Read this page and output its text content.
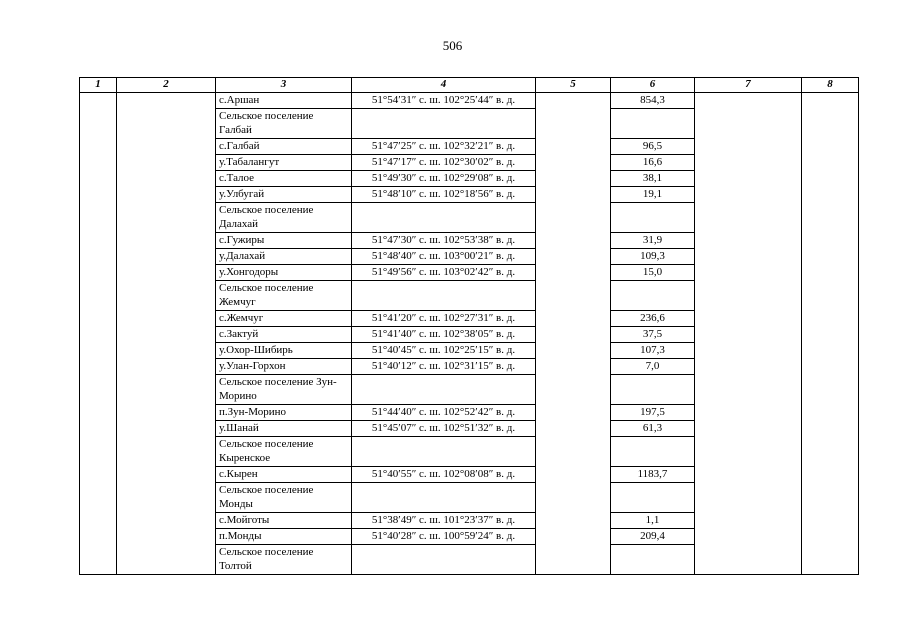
506
1	2	3	4	5	6	7	8
		с.Аршан	51°54′31″ с. ш. 102°25′44″ в. д.		854,3		
		Сельское поселение Галбай					
		с.Галбай	51°47′25″ с. ш. 102°32′21″ в. д.		96,5		
		у.Табалангут	51°47′17″ с. ш. 102°30′02″ в. д.		16,6		
		с.Талое	51°49′30″ с. ш. 102°29′08″ в. д.		38,1		
		у.Улбугай	51°48′10″ с. ш. 102°18′56″ в. д.		19,1		
		Сельское поселение Далахай					
		с.Гужиры	51°47′30″ с. ш. 102°53′38″ в. д.		31,9		
		у.Далахай	51°48′40″ с. ш. 103°00′21″ в. д.		109,3		
		у.Хонгодоры	51°49′56″ с. ш. 103°02′42″ в. д.		15,0		
		Сельское поселение Жемчуг					
		с.Жемчуг	51°41′20″ с. ш. 102°27′31″ в. д.		236,6		
		с.Зактуй	51°41′40″ с. ш. 102°38′05″ в. д.		37,5		
		у.Охор-Шибирь	51°40′45″ с. ш. 102°25′15″ в. д.		107,3		
		у.Улан-Горхон	51°40′12″ с. ш. 102°31′15″ в. д.		7,0		
		Сельское поселение Зун-Морино					
		п.Зун-Морино	51°44′40″ с. ш. 102°52′42″ в. д.		197,5		
		у.Шанай	51°45′07″ с. ш. 102°51′32″ в. д.		61,3		
		Сельское поселение Кыренское					
		с.Кырен	51°40′55″ с. ш. 102°08′08″ в. д.		1183,7		
		Сельское поселение Монды					
		с.Мойготы	51°38′49″ с. ш. 101°23′37″ в. д.		1,1		
		п.Монды	51°40′28″ с. ш. 100°59′24″ в. д.		209,4		
		Сельское поселение Толтой					
